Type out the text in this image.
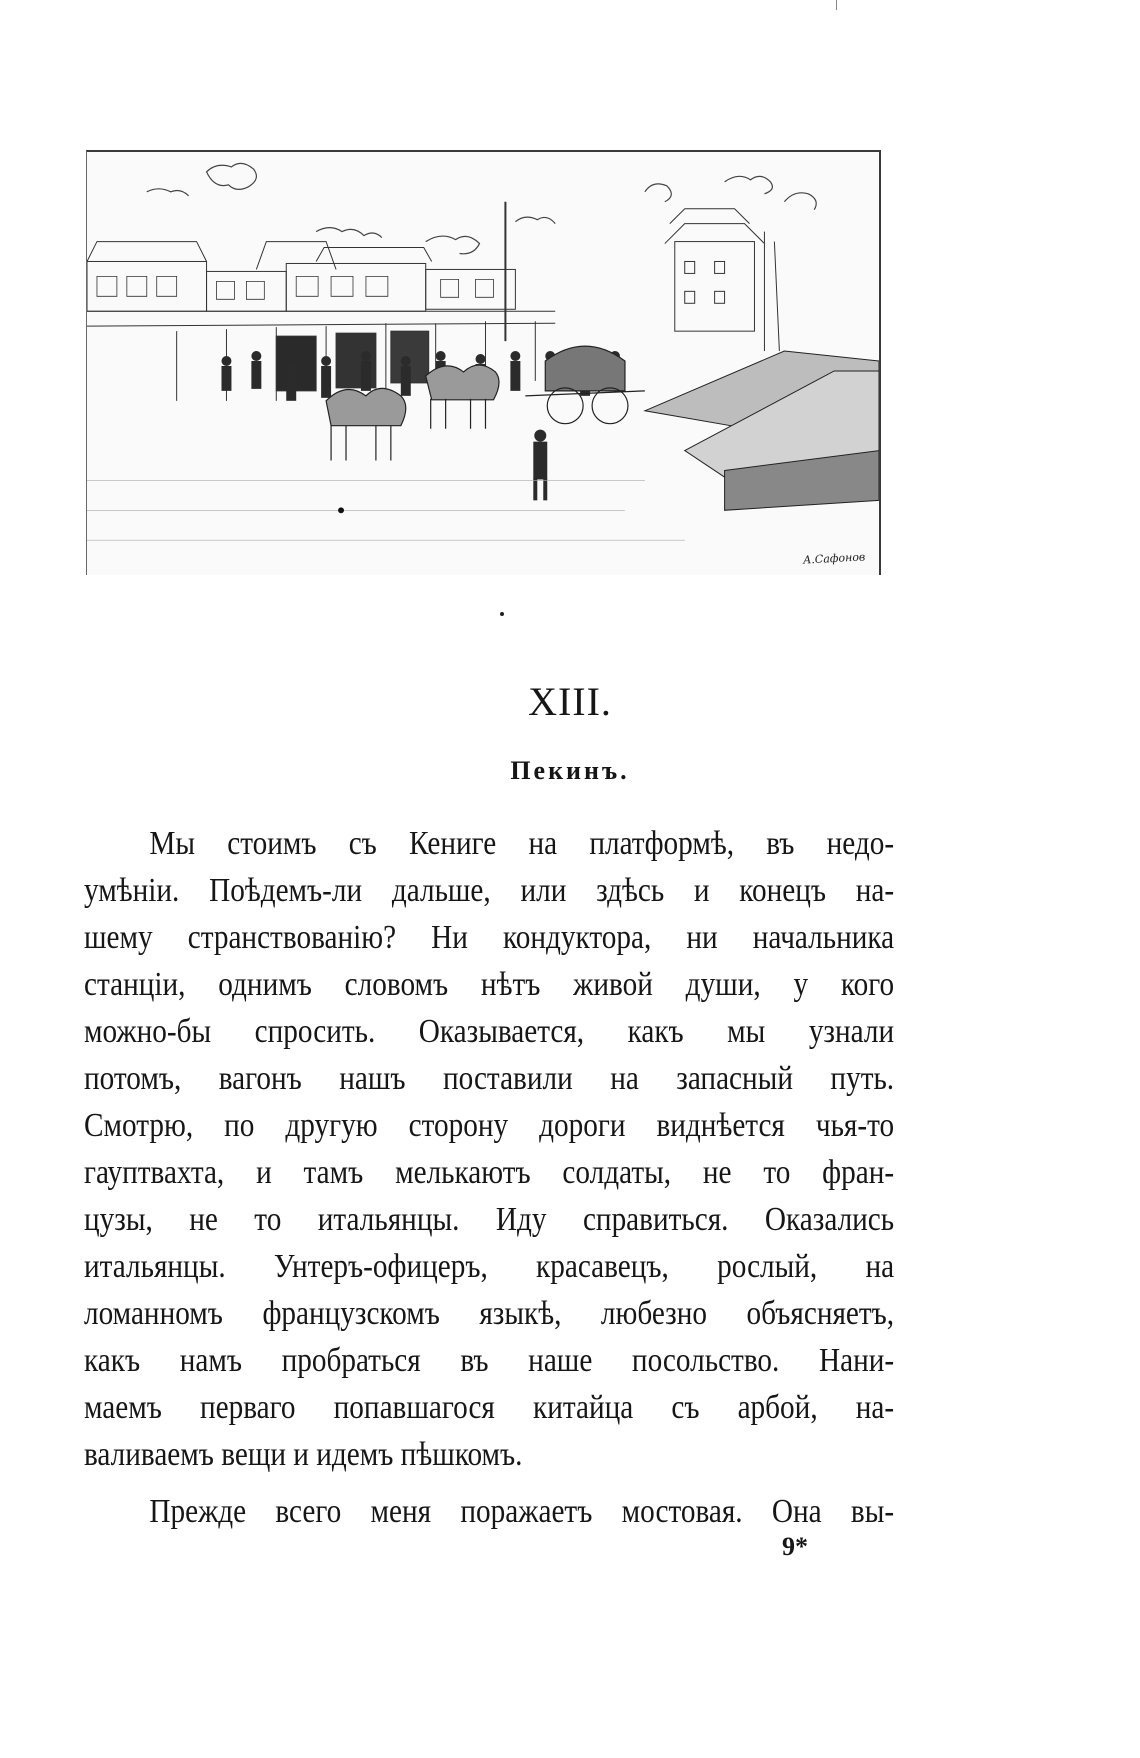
А.Сафонов
XIII.
Пекинъ.
Мы стоимъ съ Кениге на платформѣ, въ недо-
умѣніи. Поѣдемъ-ли дальше, или здѣсь и конецъ на-
шему странствованію? Ни кондуктора, ни начальника
станціи, однимъ словомъ нѣтъ живой души, у кого
можно-бы спросить. Оказывается, какъ мы узнали
потомъ, вагонъ нашъ поставили на запасный путь.
Смотрю, по другую сторону дороги виднѣется чья-то
гауптвахта, и тамъ мелькаютъ солдаты, не то фран-
цузы, не то итальянцы. Иду справиться. Оказались
итальянцы. Унтеръ-офицеръ, красавецъ, рослый, на
ломанномъ французскомъ языкѣ, любезно объясняетъ,
какъ намъ пробраться въ наше посольство. Нани-
маемъ перваго попавшагося китайца съ арбой, на-
валиваемъ вещи и идемъ пѣшкомъ.
Прежде всего меня поражаетъ мостовая. Она вы-
9*
